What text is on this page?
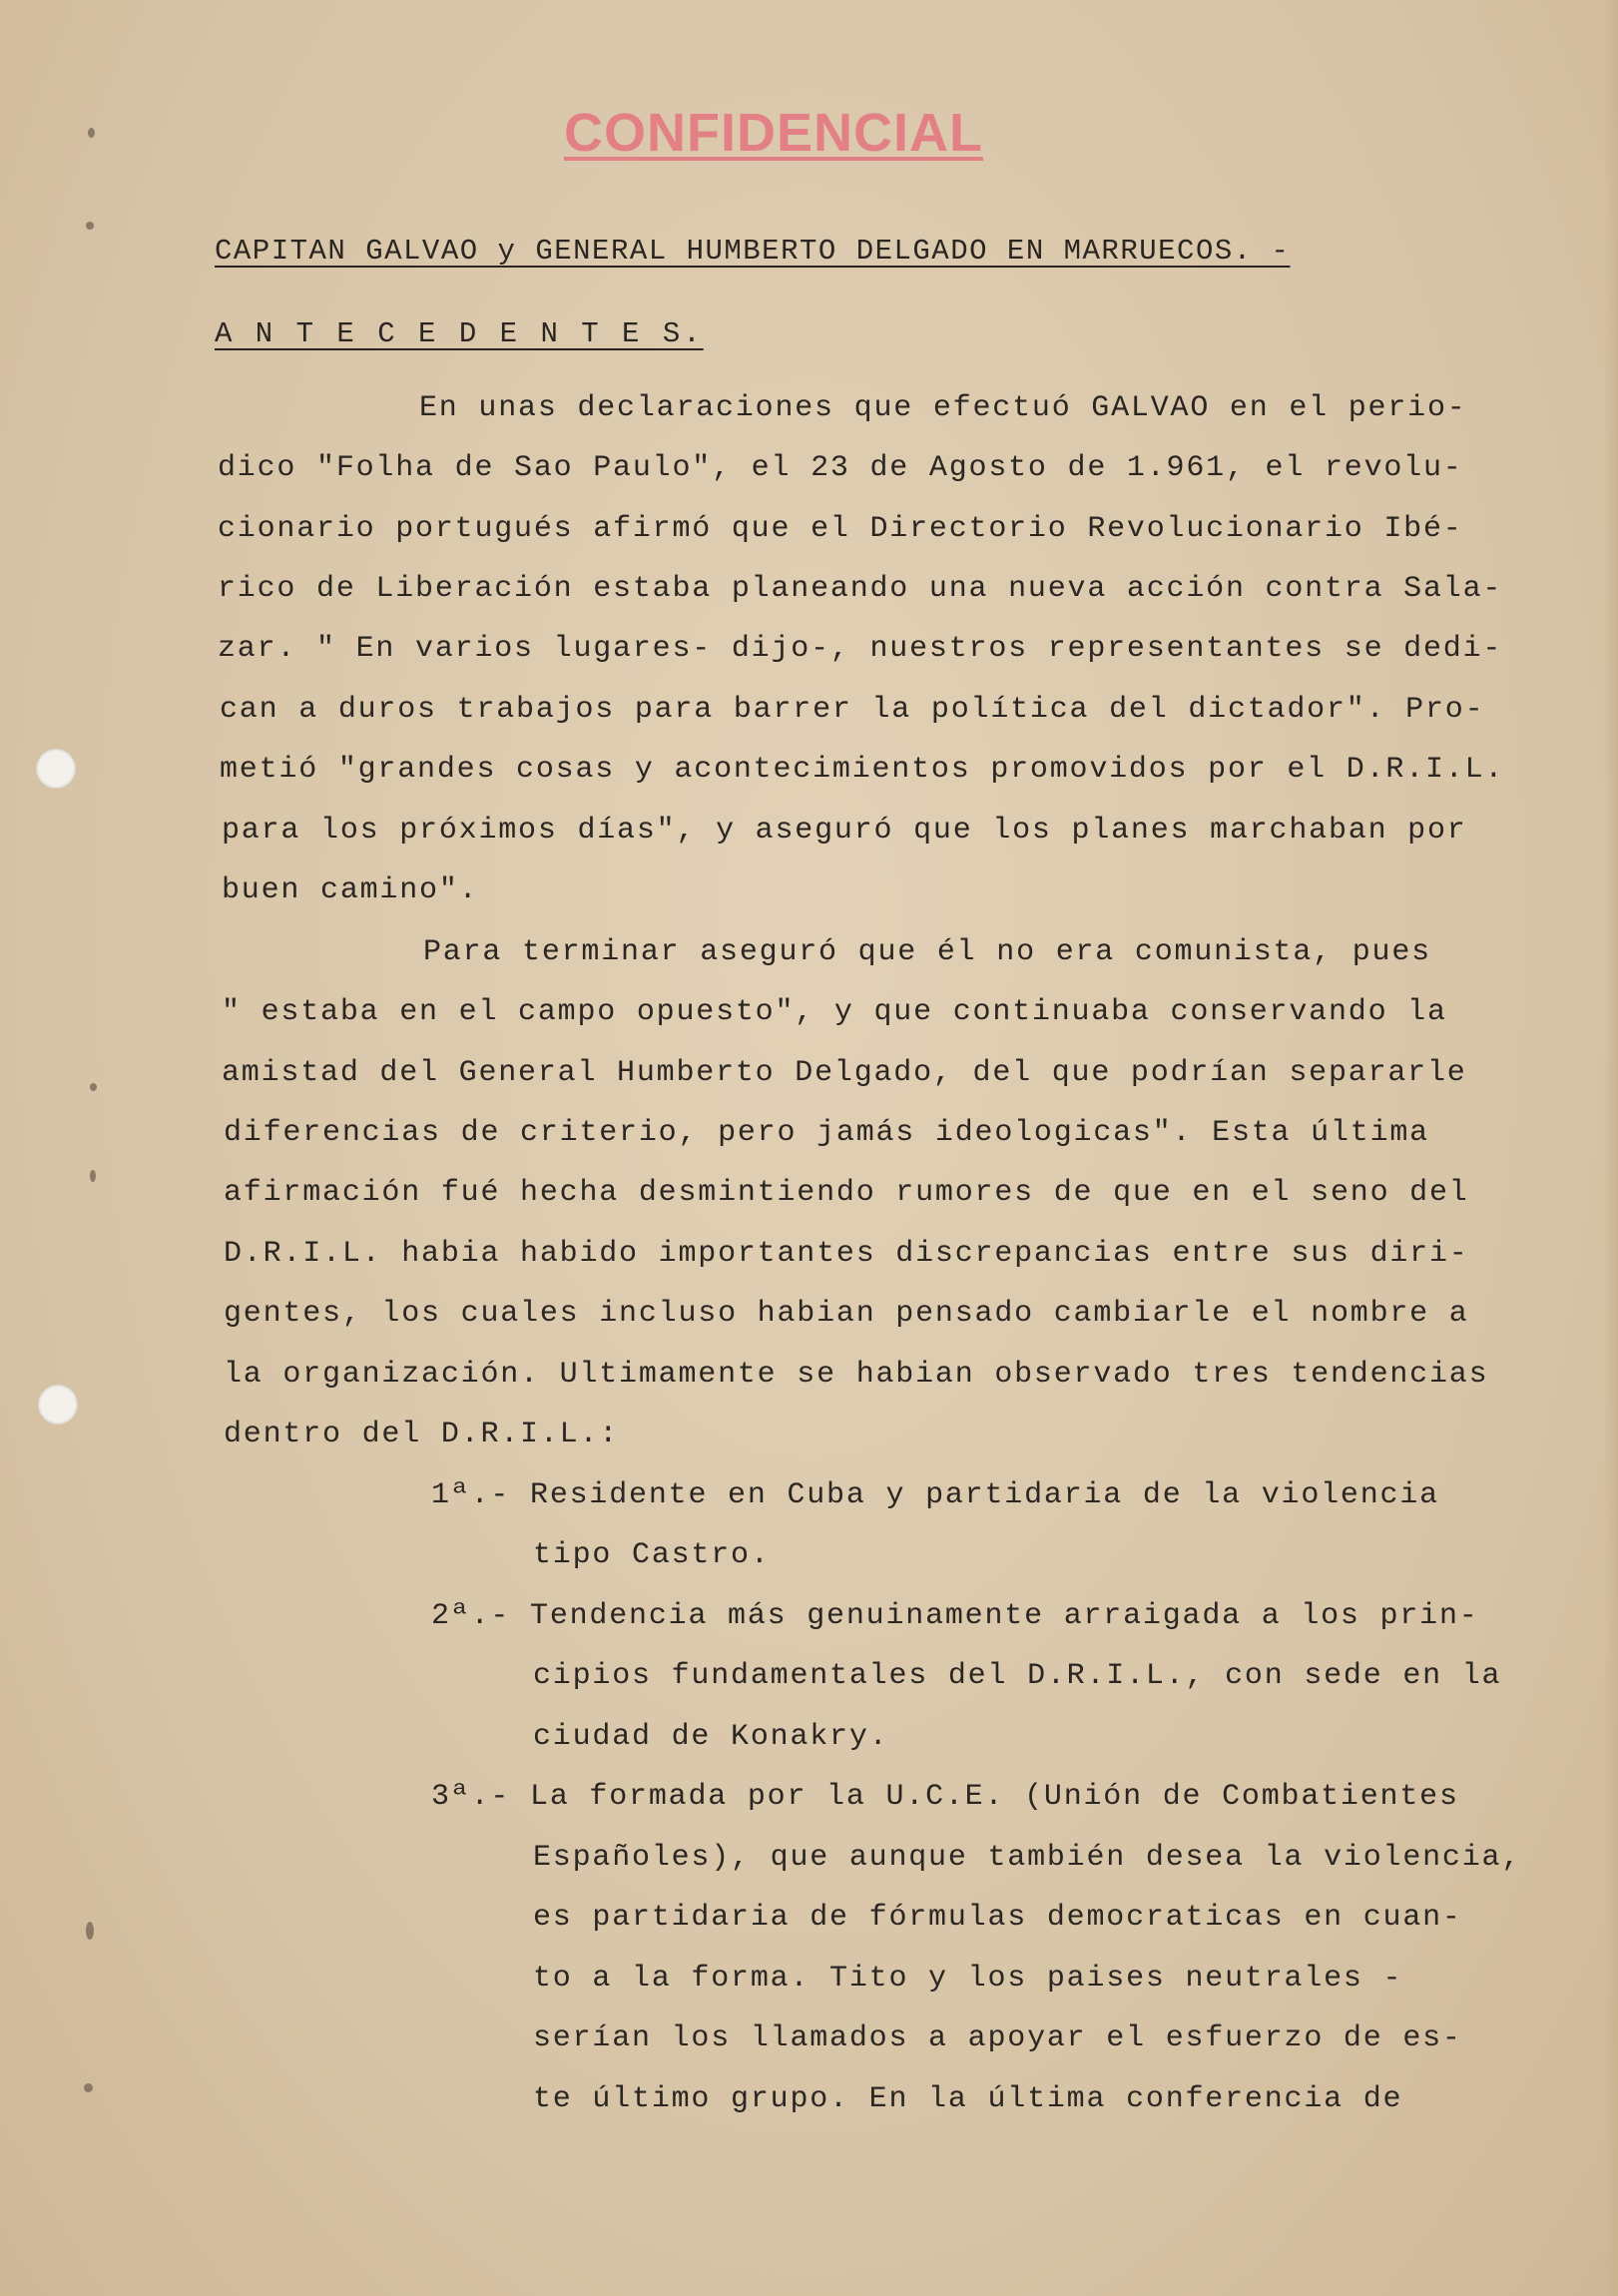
CONFIDENCIAL
CAPITAN GALVAO y GENERAL HUMBERTO DELGADO EN MARRUECOS. -
A N T E C E D E N T E S.
En unas declaraciones que efectuó GALVAO en el perio-
dico "Folha de Sao Paulo", el 23 de Agosto de 1.961, el revolu-
cionario portugués afirmó que el Directorio Revolucionario Ibé-
rico de Liberación estaba planeando una nueva acción contra Sala-
zar. " En varios lugares- dijo-, nuestros representantes se dedi-
can a duros trabajos para barrer la política del dictador". Pro-
metió "grandes cosas y acontecimientos promovidos por el D.R.I.L.
para los próximos días", y aseguró que los planes marchaban por
buen camino".
Para terminar aseguró que él no era comunista, pues
" estaba en el campo opuesto", y que continuaba conservando la
amistad del General Humberto Delgado, del que podrían separarle
diferencias de criterio, pero jamás ideologicas". Esta última
afirmación fué hecha desmintiendo rumores de que en el seno del
D.R.I.L. habia habido importantes discrepancias entre sus diri-
gentes, los cuales incluso habian pensado cambiarle el nombre a
la organización. Ultimamente se habian observado tres tendencias
dentro del D.R.I.L.:
1ª.- Residente en Cuba y partidaria de la violencia
tipo Castro.
2ª.- Tendencia más genuinamente arraigada a los prin-
cipios fundamentales del D.R.I.L., con sede en la
ciudad de Konakry.
3ª.- La formada por la U.C.E. (Unión de Combatientes
Españoles), que aunque también desea la violencia,
es partidaria de fórmulas democraticas en cuan-
to a la forma. Tito y los paises neutrales -
serían los llamados a apoyar el esfuerzo de es-
te último grupo. En la última conferencia de
